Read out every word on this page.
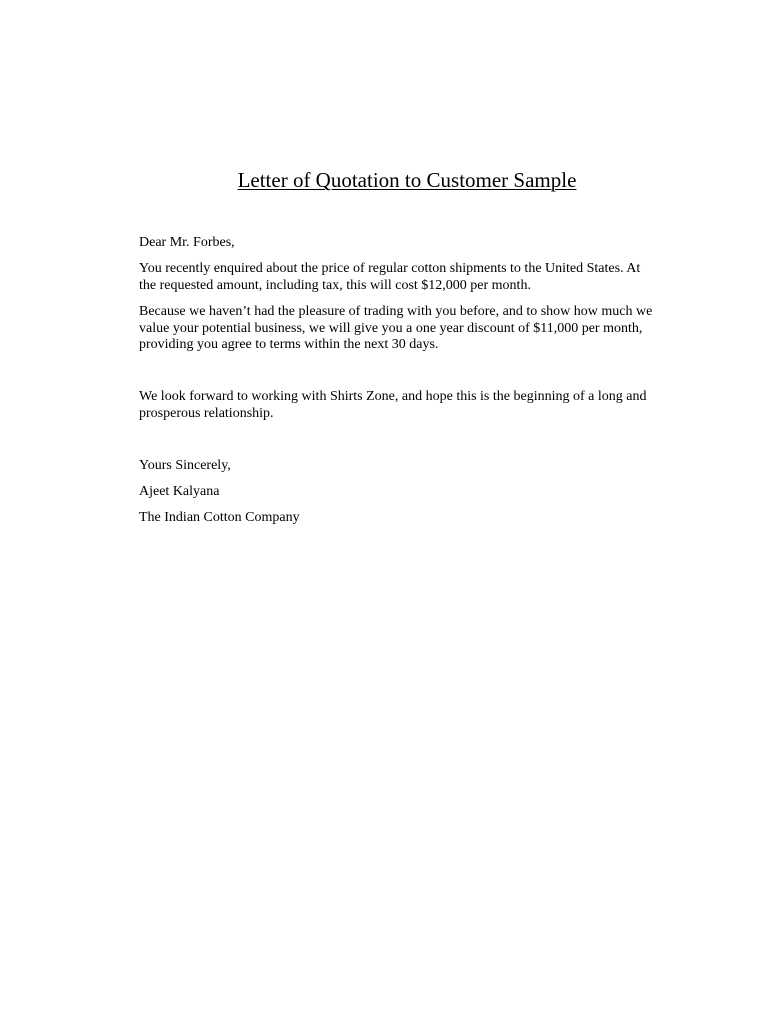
Letter of Quotation to Customer Sample

Dear Mr. Forbes,

You recently enquired about the price of regular cotton shipments to the United States. At the requested amount, including tax, this will cost $12,000 per month.

Because we haven’t had the pleasure of trading with you before, and to show how much we value your potential business, we will give you a one year discount of $11,000 per month, providing you agree to terms within the next 30 days.

We look forward to working with Shirts Zone, and hope this is the beginning of a long and prosperous relationship.

Yours Sincerely,

Ajeet Kalyana

The Indian Cotton Company
